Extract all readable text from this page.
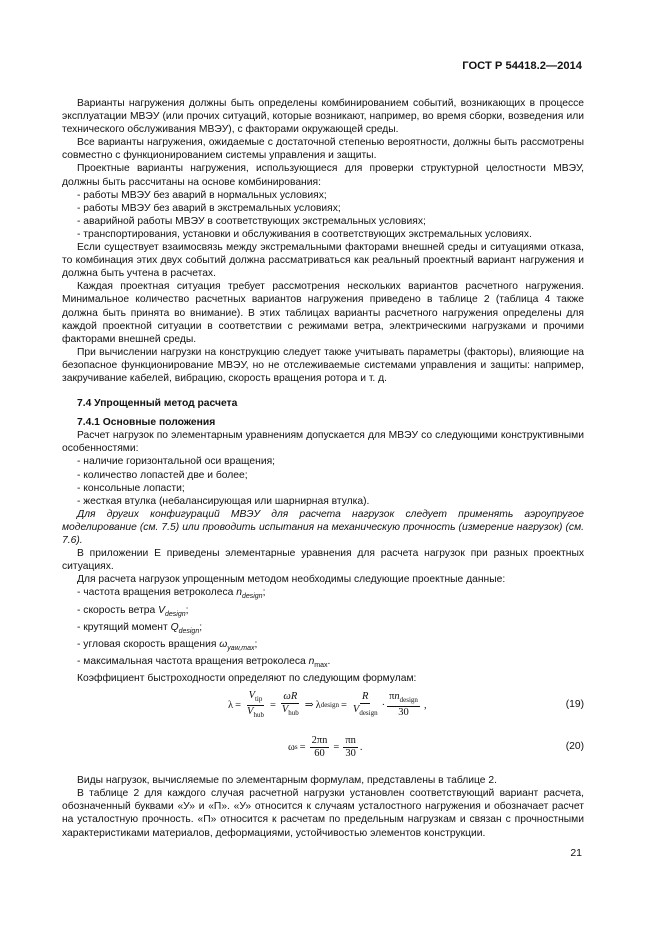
ГОСТ Р 54418.2—2014

Варианты нагружения должны быть определены комбинированием событий, возникающих в процессе эксплуатации МВЭУ (или прочих ситуаций, которые возникают, например, во время сборки, возведения или технического обслуживания МВЭУ), с факторами окружающей среды.

Все варианты нагружения, ожидаемые с достаточной степенью вероятности, должны быть рассмотрены совместно с функционированием системы управления и защиты.

Проектные варианты нагружения, использующиеся для проверки структурной целостности МВЭУ, должны быть рассчитаны на основе комбинирования:

- работы МВЭУ без аварий в нормальных условиях;

- работы МВЭУ без аварий в экстремальных условиях;

- аварийной работы МВЭУ в соответствующих экстремальных условиях;

- транспортирования, установки и обслуживания в соответствующих экстремальных условиях.

Если существует взаимосвязь между экстремальными факторами внешней среды и ситуациями отказа, то комбинация этих двух событий должна рассматриваться как реальный проектный вариант нагружения и должна быть учтена в расчетах.

Каждая проектная ситуация требует рассмотрения нескольких вариантов расчетного нагружения. Минимальное количество расчетных вариантов нагружения приведено в таблице 2 (таблица 4 также должна быть принята во внимание). В этих таблицах варианты расчетного нагружения определены для каждой проектной ситуации в соответствии с режимами ветра, электрическими нагрузками и прочими факторами внешней среды.

При вычислении нагрузки на конструкцию следует также учитывать параметры (факторы), влияющие на безопасное функционирование МВЭУ, но не отслеживаемые системами управления и защиты: например, закручивание кабелей, вибрацию, скорость вращения ротора и т. д.

7.4 Упрощенный метод расчета

7.4.1 Основные положения

Расчет нагрузок по элементарным уравнениям допускается для МВЭУ со следующими конструктивными особенностями:

- наличие горизонтальной оси вращения;

- количество лопастей две и более;

- консольные лопасти;

- жесткая втулка (небалансирующая или шарнирная втулка).

Для других конфигураций МВЭУ для расчета нагрузок следует применять аэроупругое моделирование (см. 7.5) или проводить испытания на механическую прочность (измерение нагрузок) (см. 7.6).

В приложении Е приведены элементарные уравнения для расчета нагрузок при разных проектных ситуациях.

Для расчета нагрузок упрощенным методом необходимы следующие проектные данные:

- частота вращения ветроколеса $n_{design}$;

- скорость ветра $V_{design}$;

- крутящий момент $Q_{design}$;

- угловая скорость вращения $\omega_{yaw,max}$;

- максимальная частота вращения ветроколеса $n_{max}$.

Коэффициент быстроходности определяют по следующим формулам:

$\lambda = \frac{V_{tip}}{V_{hub}} = \frac{\omega R}{V_{hub}}$ ⇒ λ design = $\frac{R}{V_{design}} \cdot \frac{\pi n_{design}}{30}$ ,	(19)
ω $s = \frac{2\pi n}{60} = \frac{\pi n}{30}$ .	(20)

Виды нагрузок, вычисляемые по элементарным формулам, представлены в таблице 2.

В таблице 2 для каждого случая расчетной нагрузки установлен соответствующий вариант расчета, обозначенный буквами «У» и «П». «У» относится к случаям усталостного нагружения и обозначает расчет на усталостную прочность. «П» относится к расчетам по предельным нагрузкам и связан с прочностными характеристиками материалов, деформациями, устойчивостью элементов конструкции.

21
